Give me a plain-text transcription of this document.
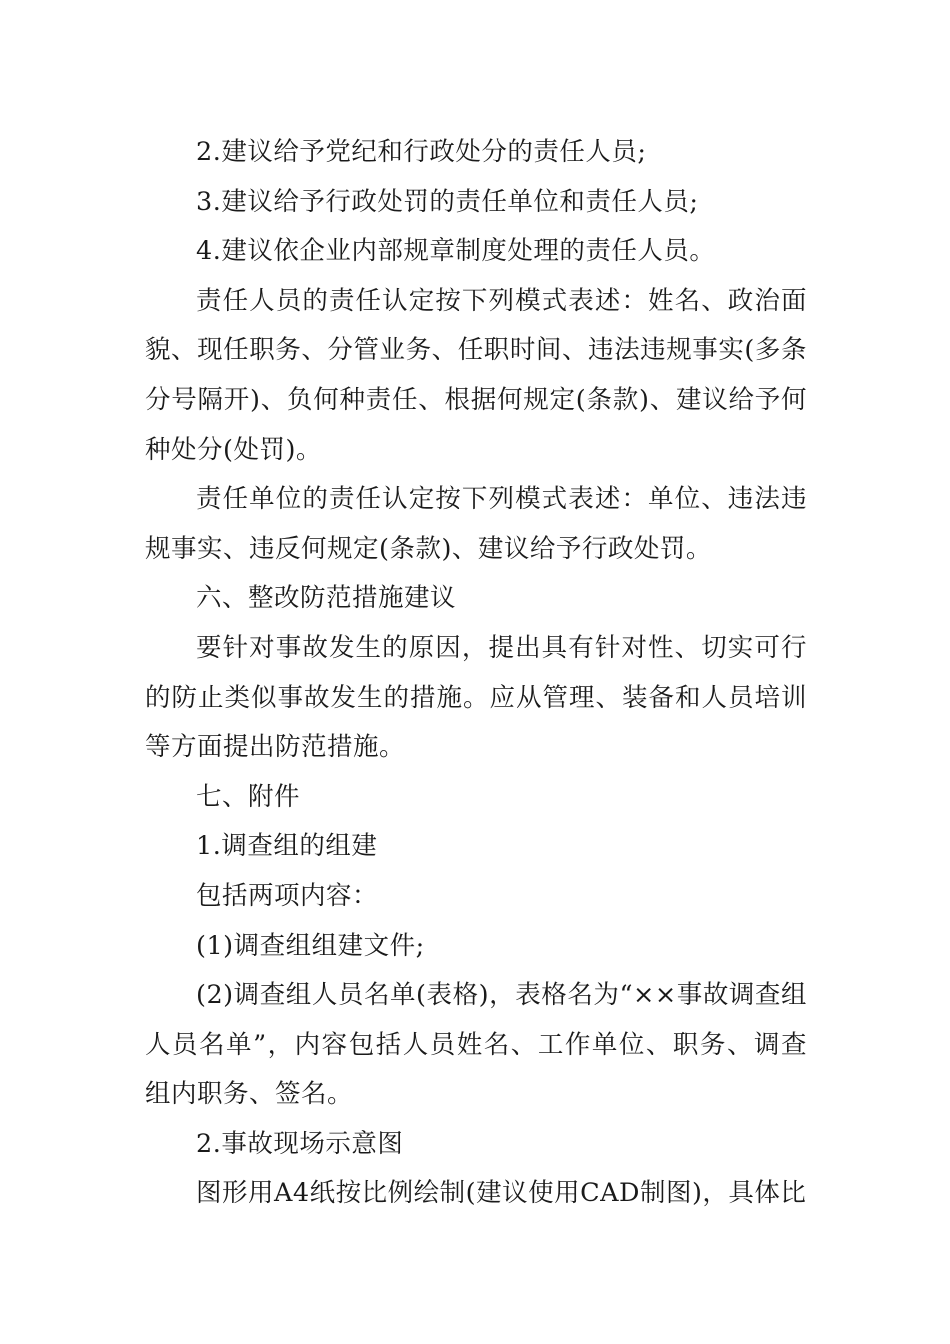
2.建议给予党纪和行政处分的责任人员;

3.建议给予行政处罚的责任单位和责任人员;

4.建议依企业内部规章制度处理的责任人员。

责任人员的责任认定按下列模式表述：姓名、政治面貌、现任职务、分管业务、任职时间、违法违规事实(多条分号隔开)、负何种责任、根据何规定(条款)、建议给予何种处分(处罚)。

责任单位的责任认定按下列模式表述：单位、违法违规事实、违反何规定(条款)、建议给予行政处罚。

六、整改防范措施建议

要针对事故发生的原因，提出具有针对性、切实可行的防止类似事故发生的措施。应从管理、装备和人员培训等方面提出防范措施。

七、附件

1.调查组的组建

包括两项内容：

(1)调查组组建文件;

(2)调查组人员名单(表格)，表格名为“××事故调查组人员名单”，内容包括人员姓名、工作单位、职务、调查组内职务、签名。

2.事故现场示意图

图形用A4纸按比例绘制(建议使用CAD制图)，具体比
